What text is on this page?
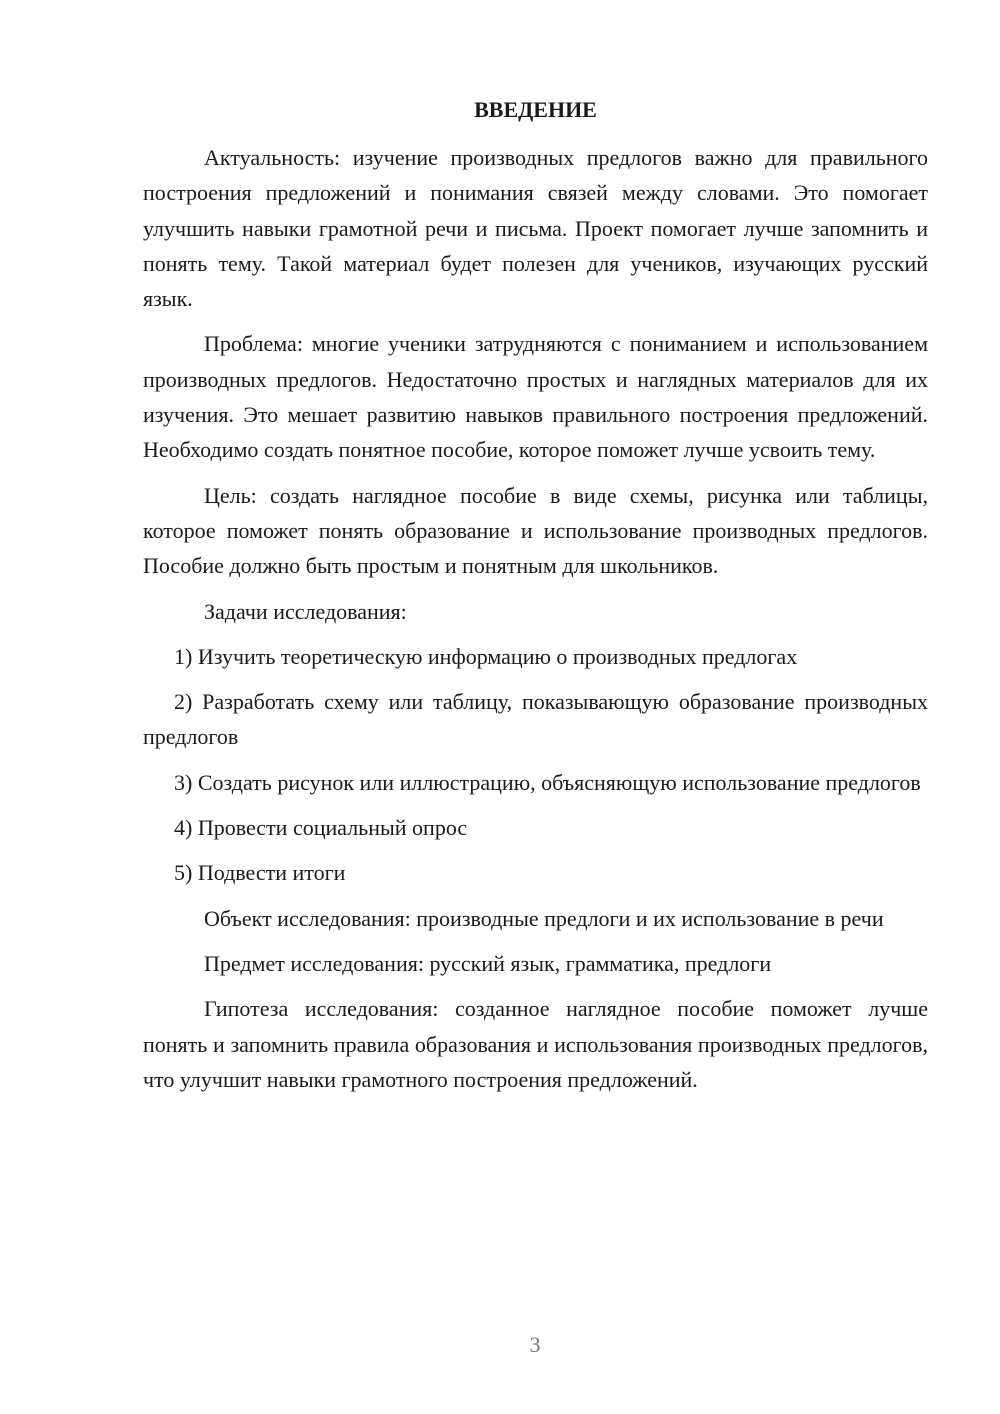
ВВЕДЕНИЕ

Актуальность: изучение производных предлогов важно для правильного построения предложений и понимания связей между словами. Это помогает улучшить навыки грамотной речи и письма. Проект помогает лучше запомнить и понять тему. Такой материал будет полезен для учеников, изучающих русский язык.

Проблема: многие ученики затрудняются с пониманием и использованием производных предлогов. Недостаточно простых и наглядных материалов для их изучения. Это мешает развитию навыков правильного построения предложений. Необходимо создать понятное пособие, которое поможет лучше усвоить тему.

Цель: создать наглядное пособие в виде схемы, рисунка или таблицы, которое поможет понять образование и использование производных предлогов. Пособие должно быть простым и понятным для школьников.

Задачи исследования:

1) Изучить теоретическую информацию о производных предлогах

2) Разработать схему или таблицу, показывающую образование производных предлогов

3) Создать рисунок или иллюстрацию, объясняющую использование предлогов

4) Провести социальный опрос

5) Подвести итоги

Объект исследования: производные предлоги и их использование в речи

Предмет исследования: русский язык, грамматика, предлоги

Гипотеза исследования: созданное наглядное пособие поможет лучше понять и запомнить правила образования и использования производных предлогов, что улучшит навыки грамотного построения предложений.

3
